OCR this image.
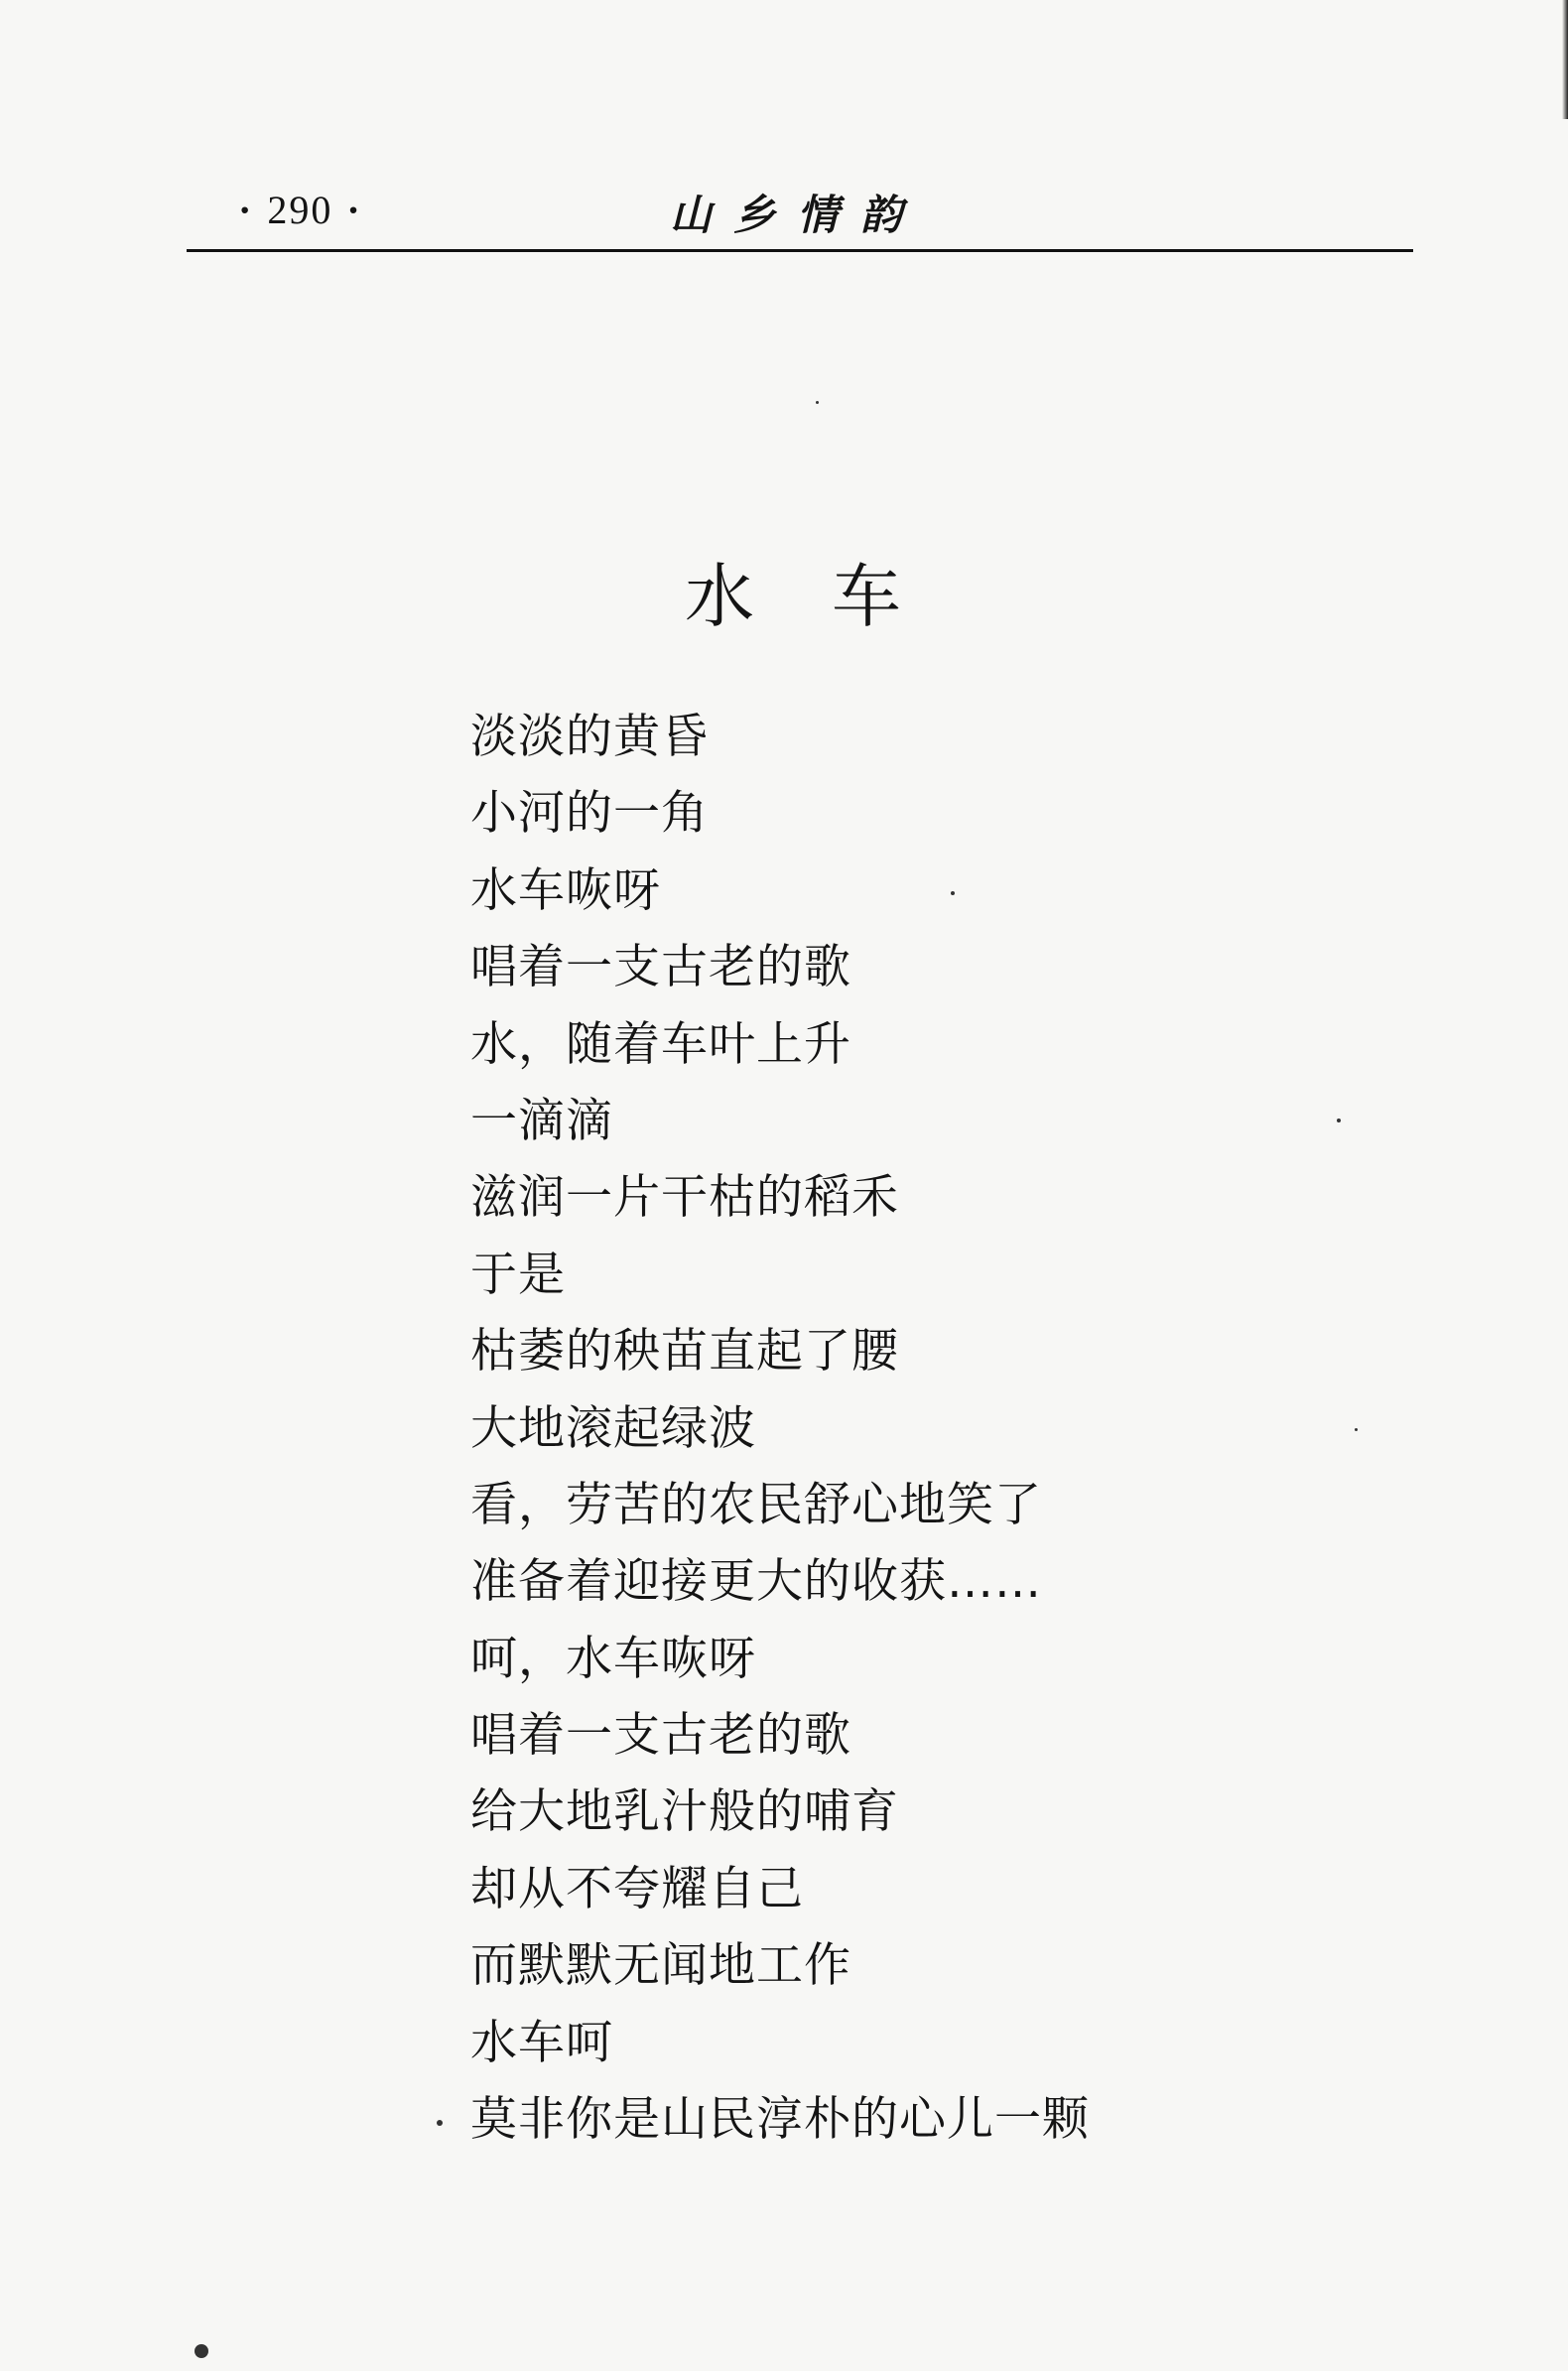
· 290 ·	山乡情韵
水车
淡淡的黄昏
小河的一角
水车咴呀
唱着一支古老的歌
水，随着车叶上升
一滴滴
滋润一片干枯的稻禾
于是
枯萎的秧苗直起了腰
大地滚起绿波
看，劳苦的农民舒心地笑了
准备着迎接更大的收获……
呵，水车咴呀
唱着一支古老的歌
给大地乳汁般的哺育
却从不夸耀自己
而默默无闻地工作
水车呵
莫非你是山民淳朴的心儿一颗
